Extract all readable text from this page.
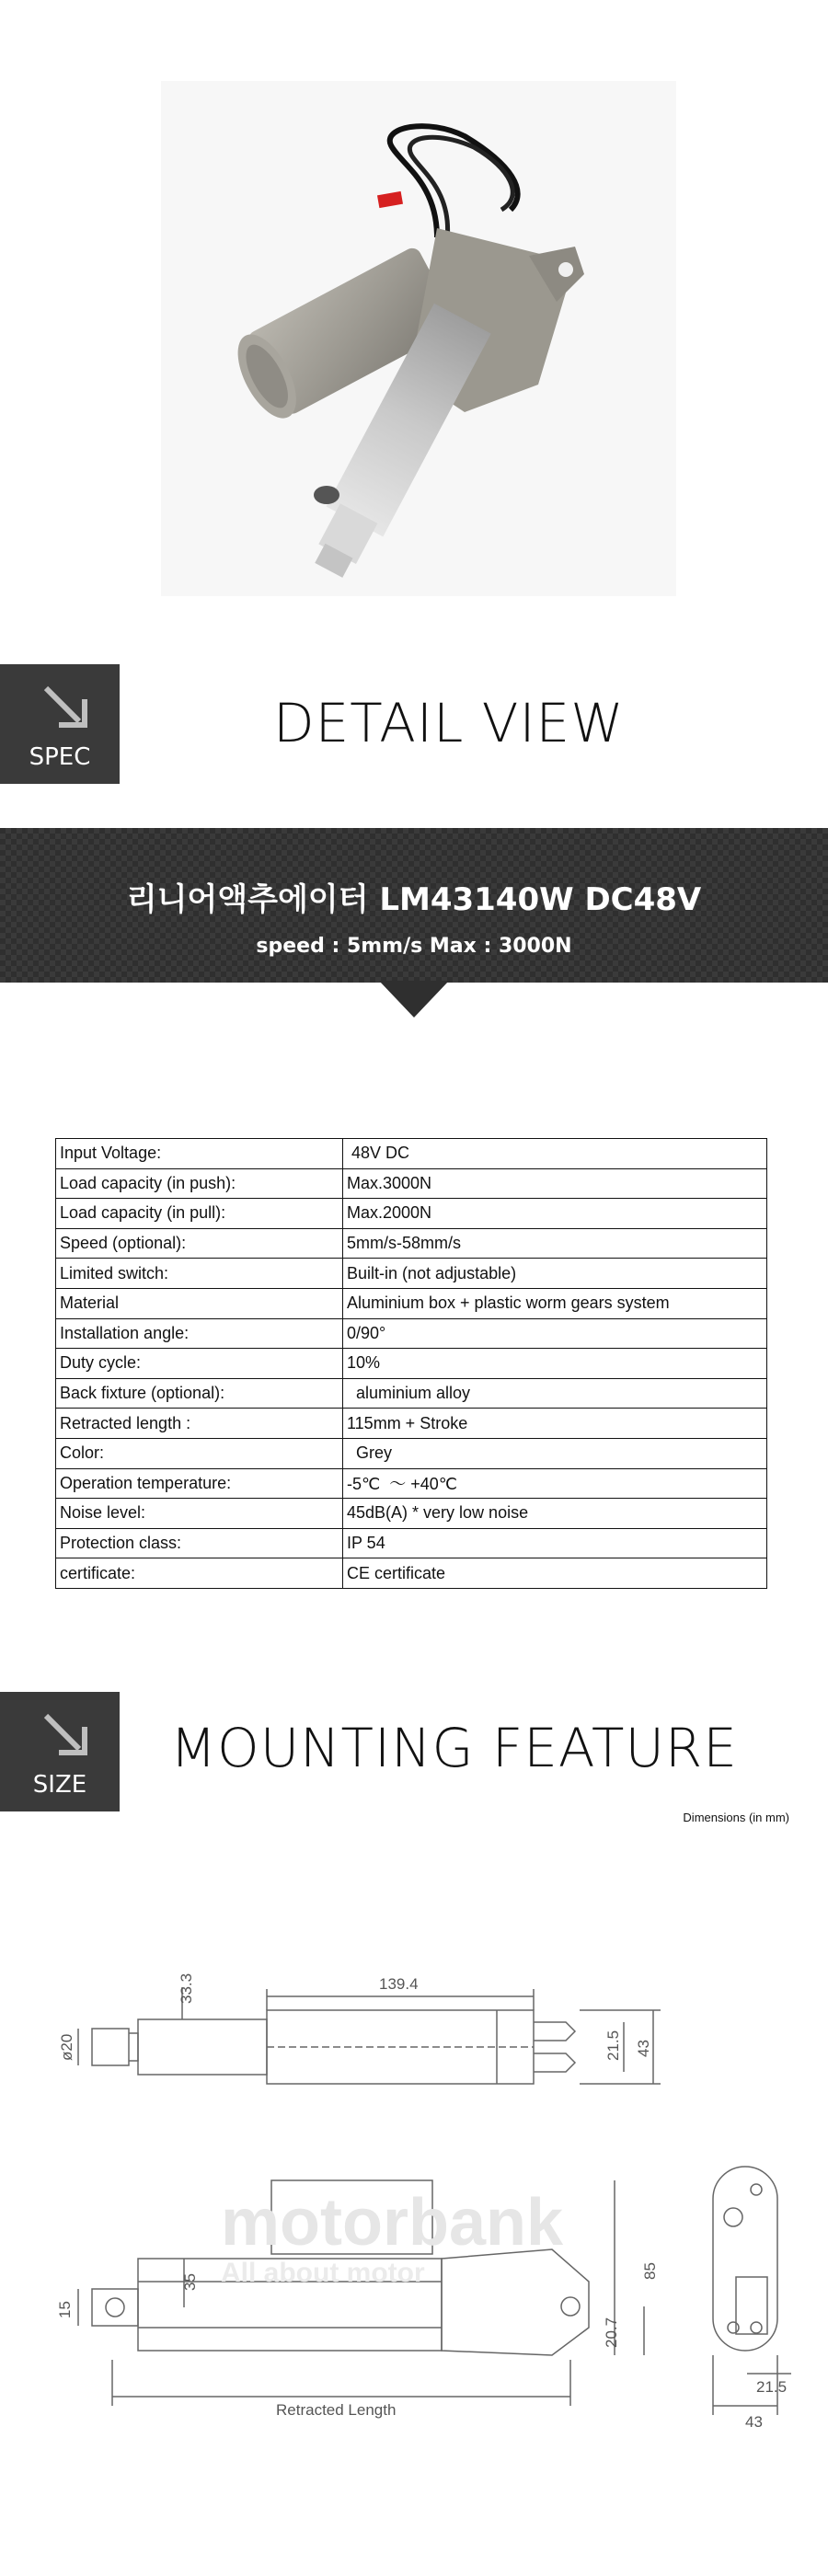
SPEC
DETAIL VIEW
리니어액추에이터 LM43140W DC48V
speed : 5mm/s Max : 3000N
Input Voltage:	48V DC
Load capacity (in push):	Max.3000N
Load capacity (in pull):	Max.2000N
Speed (optional):	5mm/s-58mm/s
Limited switch:	Built-in (not adjustable)
Material	Aluminium box + plastic worm gears system
Installation angle:	0/90°
Duty cycle:	10%
Back fixture (optional):	aluminium alloy
Retracted length :	115mm + Stroke
Color:	Grey
Operation temperature:	-5℃  ～ +40℃
Noise level:	45dB(A) * very low noise
Protection class:	IP 54
certificate:	CE certificate
SIZE
MOUNTING FEATURE
Dimensions (in mm)
motorbank
All about motor
139.4
33.3
ø20	21.5 43
15
35
85
20.7
21.5
43
Retracted Length
